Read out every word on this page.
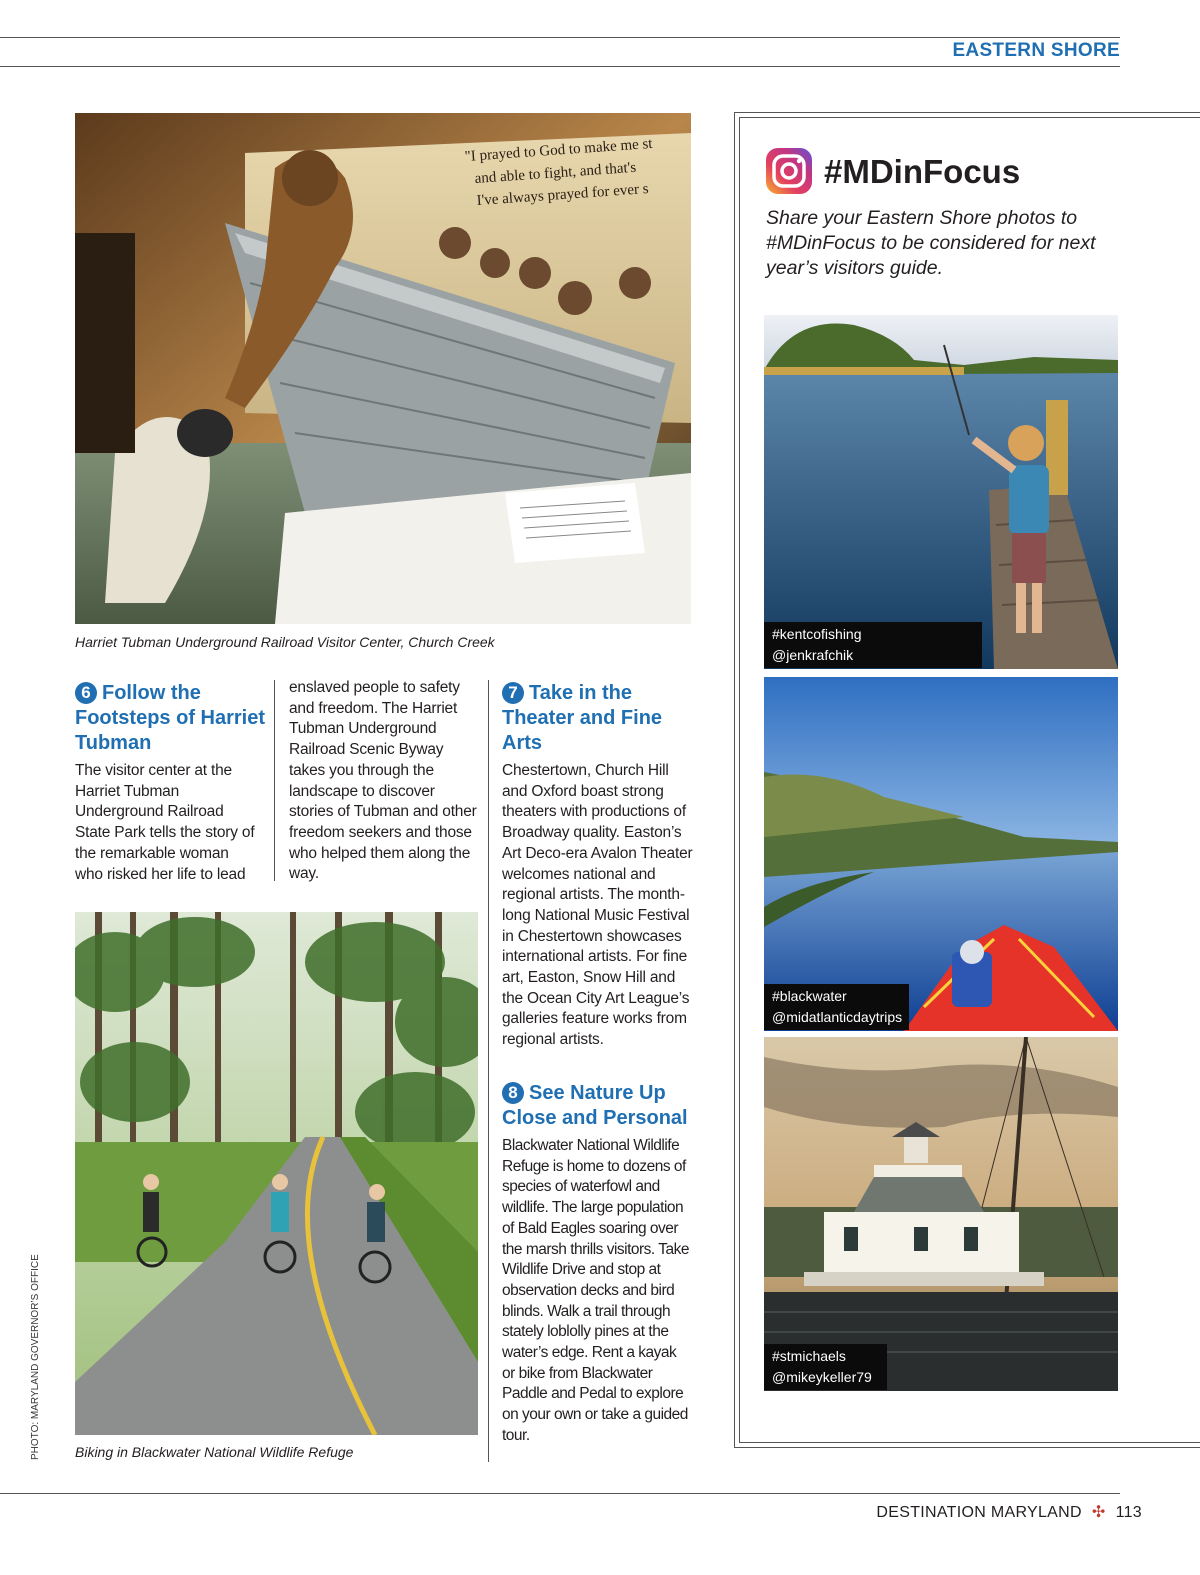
EASTERN SHORE
"I prayed to God to make me st
and able to fight, and that's
I've always prayed for ever s
Harriet Tubman Underground Railroad Visitor Center, Church Creek
6 Follow the Footsteps of Harriet Tubman
The visitor center at the Harriet Tubman Underground Railroad State Park tells the story of the remarkable woman who risked her life to lead
enslaved people to safety and freedom. The Harriet Tubman Underground Railroad Scenic Byway takes you through the landscape to discover stories of Tubman and other freedom seekers and those who helped them along the way.
Biking in Blackwater National Wildlife Refuge
7 Take in the Theater and Fine Arts
Chestertown, Church Hill and Oxford boast strong theaters with productions of Broadway quality. Easton’s Art Deco-era Avalon Theater welcomes national and regional artists. The month-long National Music Festival in Chestertown showcases international artists. For fine art, Easton, Snow Hill and the Ocean City Art League’s galleries feature works from regional artists.
8 See Nature Up Close and Personal
Blackwater National Wildlife Refuge is home to dozens of species of waterfowl and wildlife. The large population of Bald Eagles soaring over the marsh thrills visitors. Take Wildlife Drive and stop at observation decks and bird blinds. Walk a trail through stately loblolly pines at the water’s edge. Rent a kayak or bike from Blackwater Paddle and Pedal to explore on your own or take a guided tour.
#MDinFocus
Share your Eastern Shore photos to #MDinFocus to be considered for next year’s visitors guide.
#kentcofishing
@jenkrafchik
#blackwater
@midatlanticdaytrips
#stmichaels
@mikeykeller79
PHOTO: MARYLAND GOVERNOR’S OFFICE
DESTINATION MARYLAND ✣ 113
